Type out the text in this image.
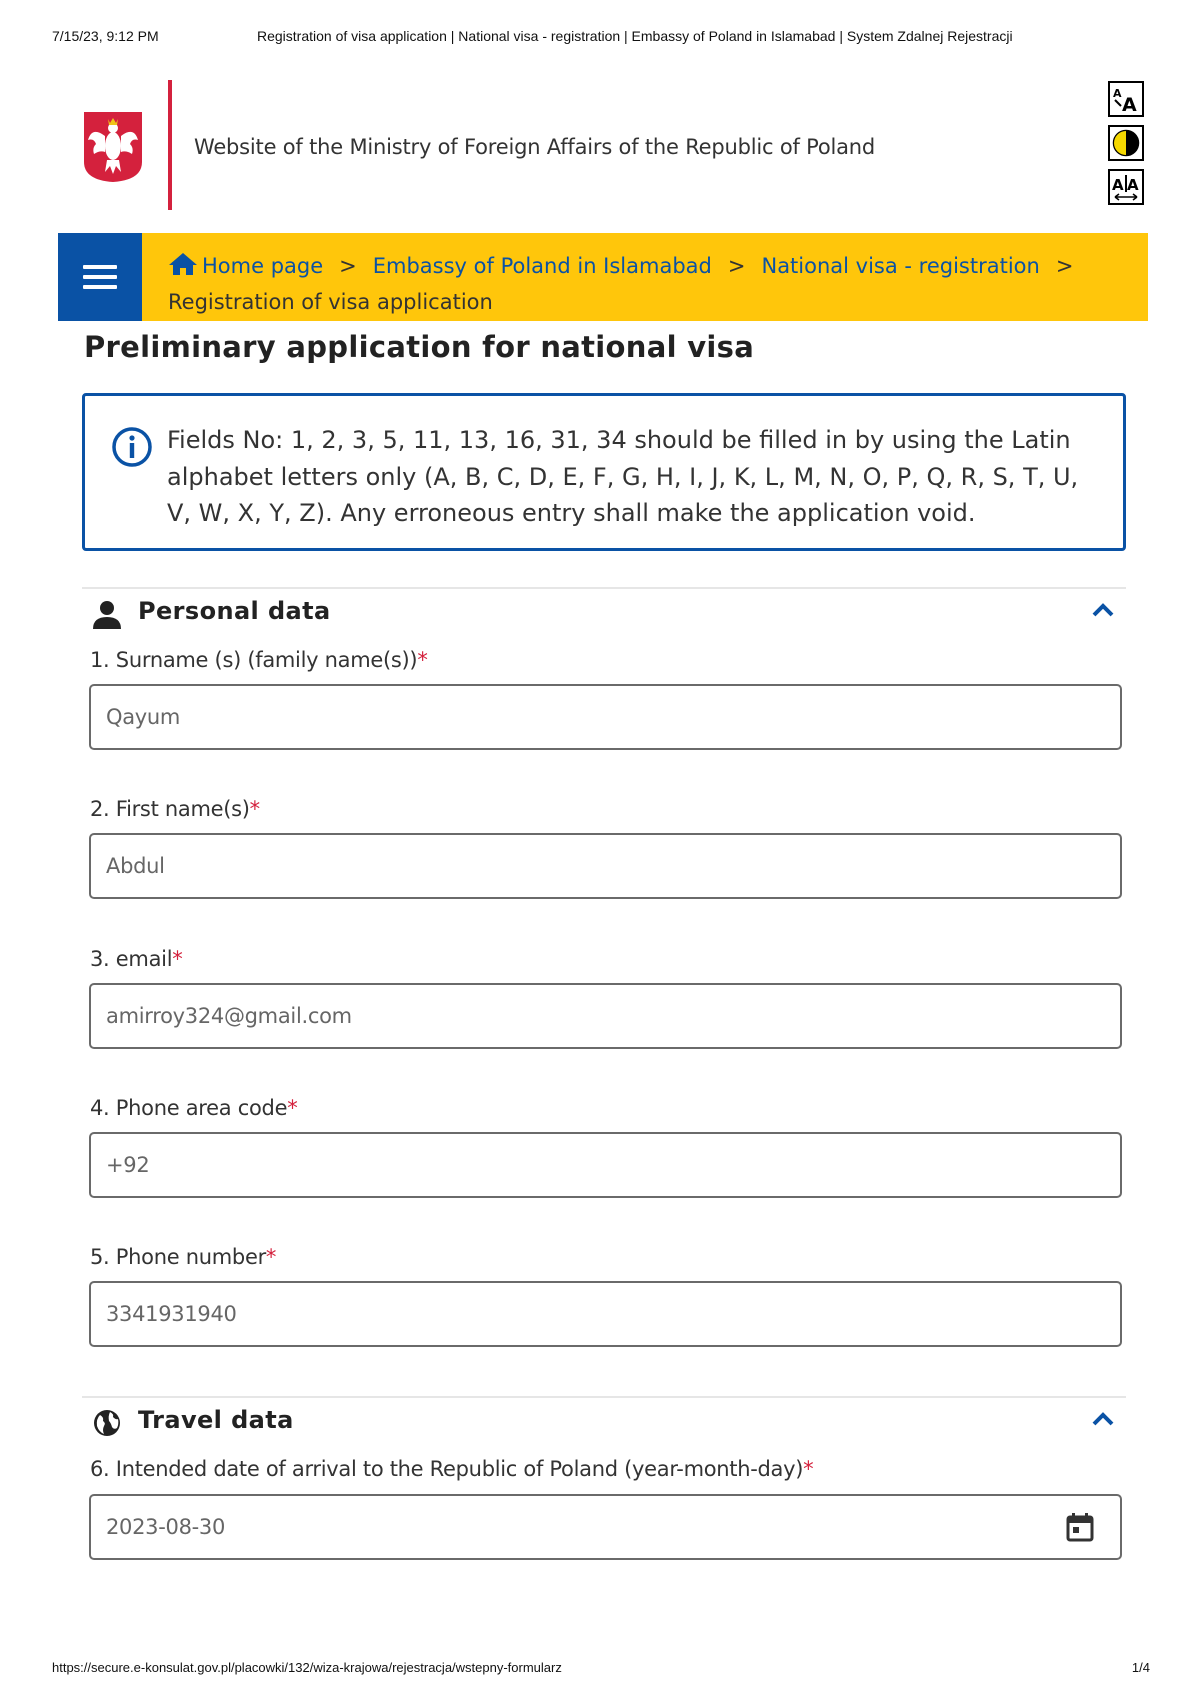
7/15/23, 9:12 PM	Registration of visa application | National visa - registration | Embassy of Poland in Islamabad | System Zdalnej Rejestracji
Website of the Ministry of Foreign Affairs of the Republic of Poland
A
A
A A
Home page > Embassy of Poland in Islamabad > National visa - registration >
Registration of visa application
Preliminary application for national visa
Fields No: 1, 2, 3, 5, 11, 13, 16, 31, 34 should be filled in by using the Latin alphabet letters only (A, B, C, D, E, F, G, H, I, J, K, L, M, N, O, P, Q, R, S, T, U, V, W, X, Y, Z). Any erroneous entry shall make the application void.
Personal data
1. Surname (s) (family name(s))*
Qayum
2. First name(s)*
Abdul
3. email*
amirroy324@gmail.com
4. Phone area code*
+92
5. Phone number*
3341931940
Travel data
6. Intended date of arrival to the Republic of Poland (year-month-day)*
2023-08-30
https://secure.e-konsulat.gov.pl/placowki/132/wiza-krajowa/rejestracja/wstepny-formularz	1/4
